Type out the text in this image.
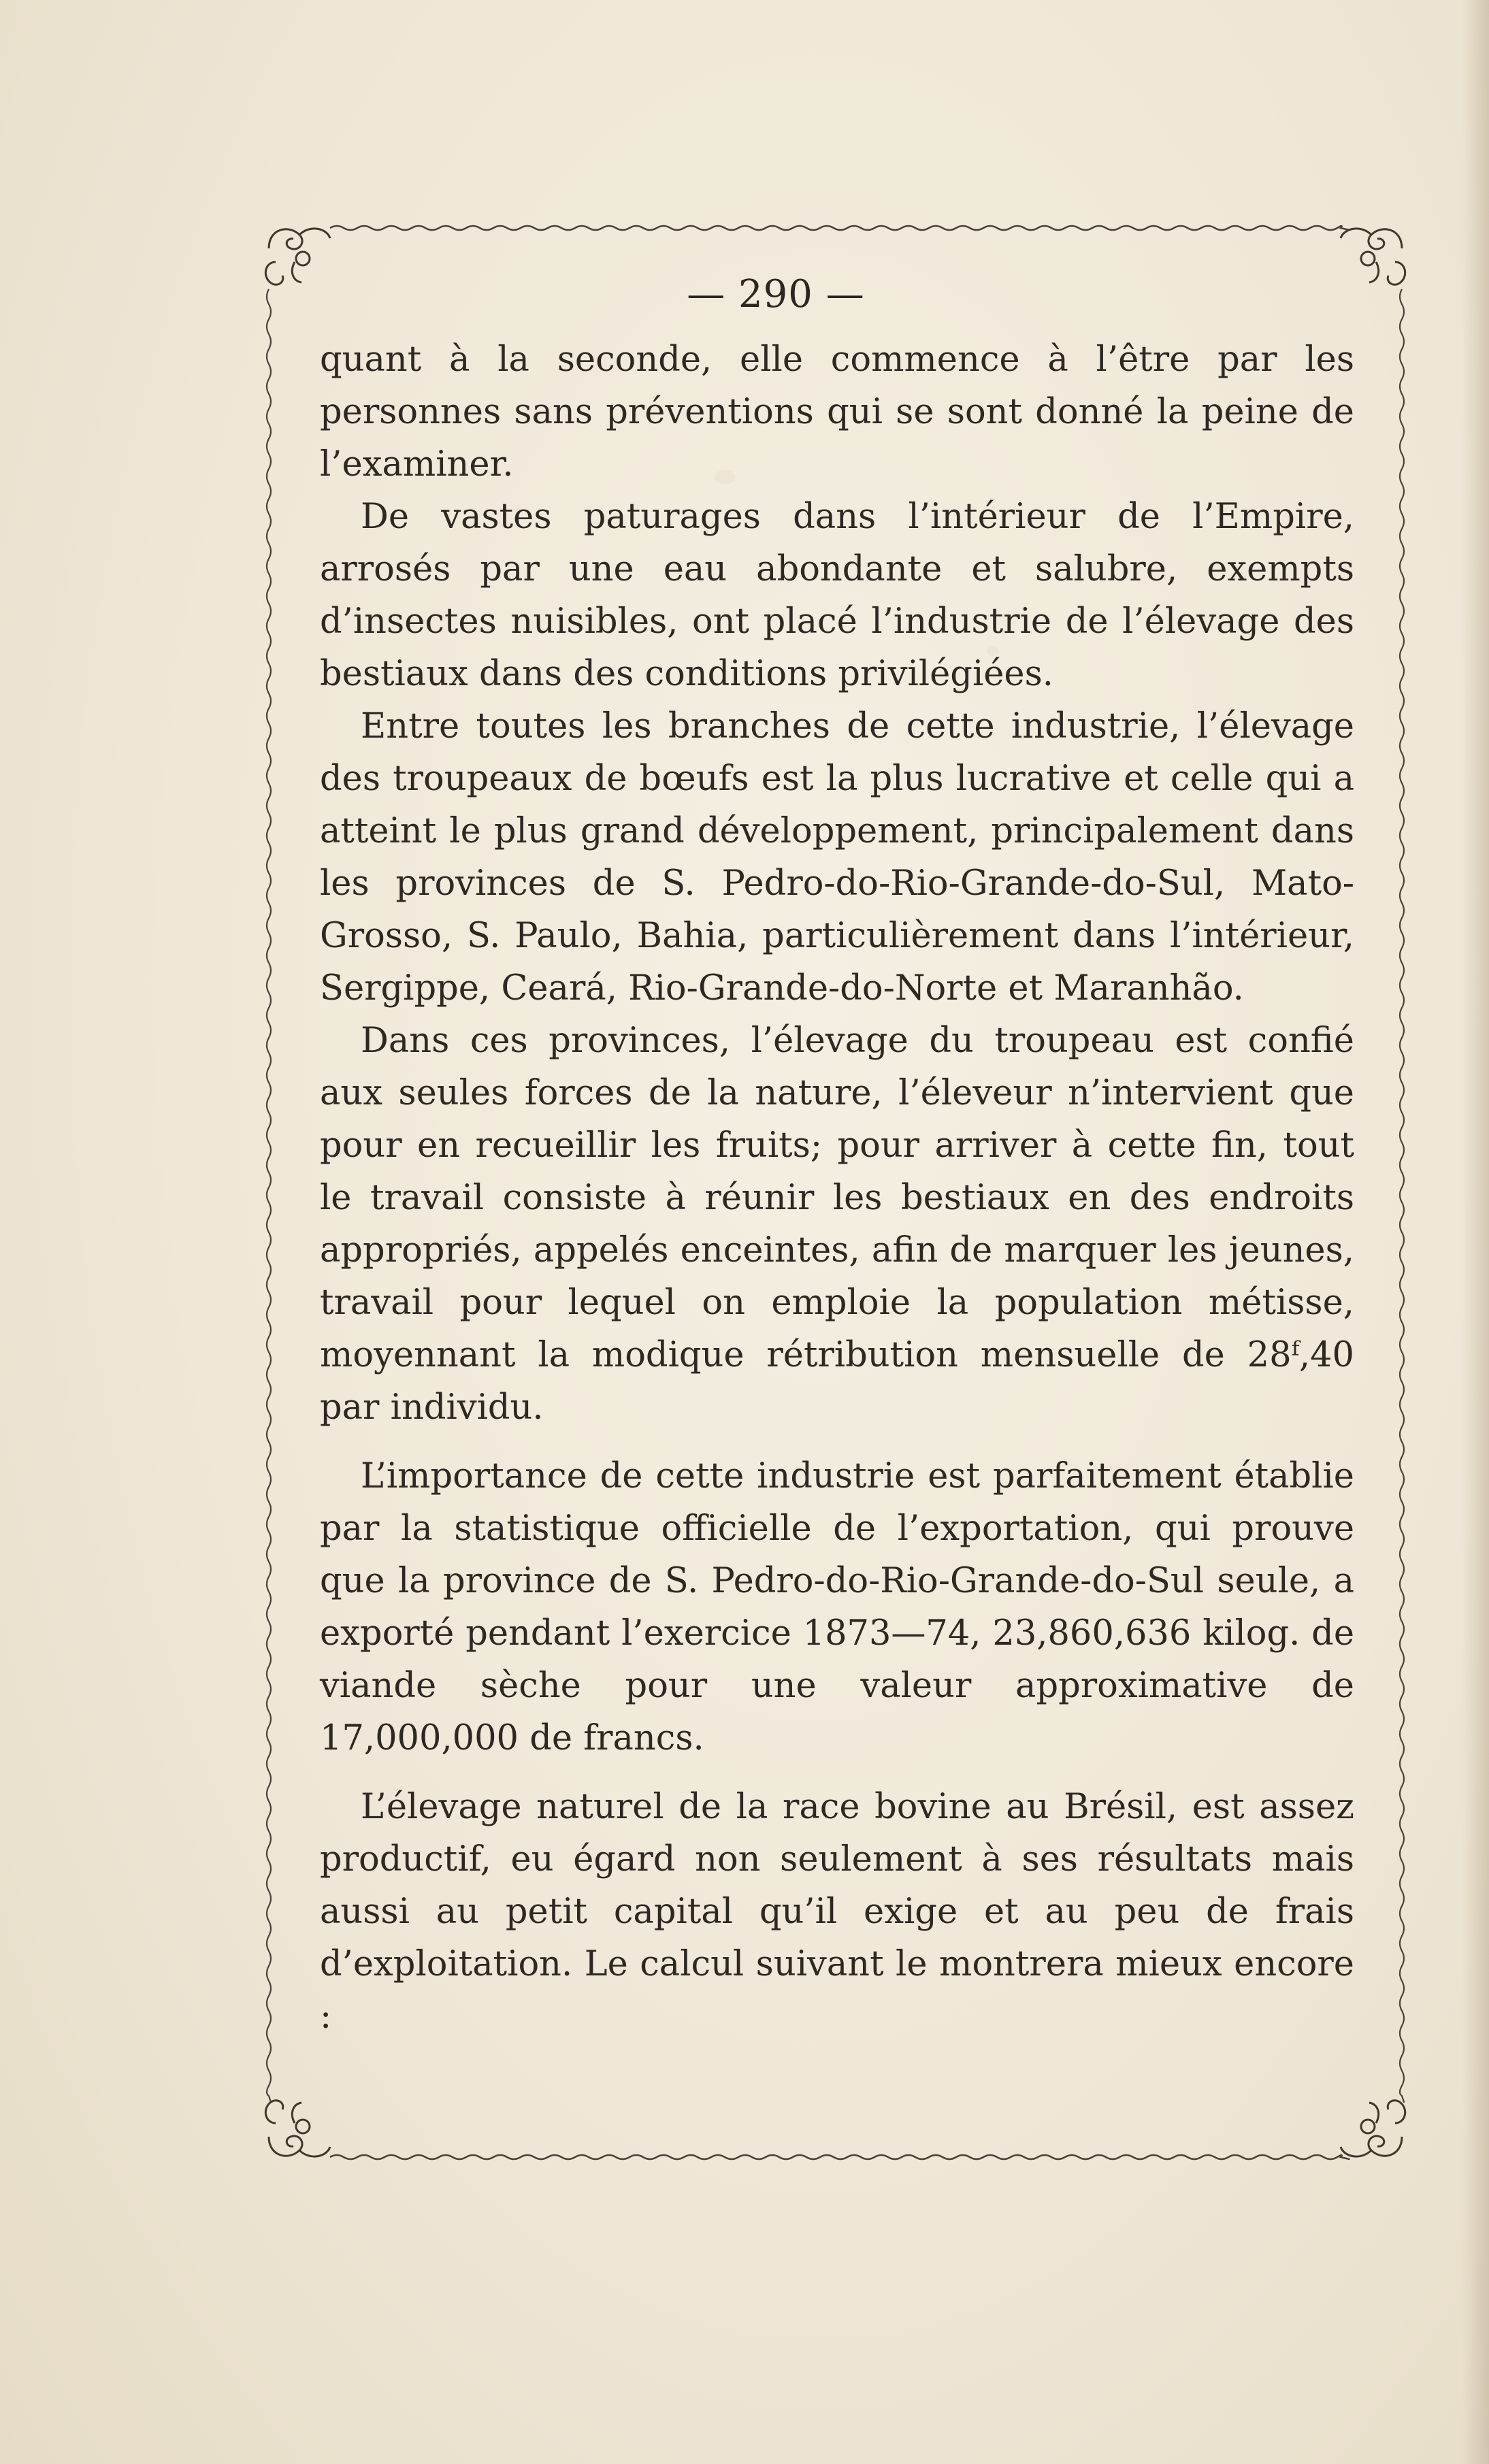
— 290 —

quant à la seconde, elle commence à l’être par les personnes sans préventions qui se sont donné la peine de l’examiner.

De vastes paturages dans l’intérieur de l’Empire, arrosés par une eau abondante et salubre, exempts d’insectes nuisibles, ont placé l’industrie de l’élevage des bestiaux dans des conditions privilégiées.

Entre toutes les branches de cette industrie, l’élevage des troupeaux de bœufs est la plus lucrative et celle qui a atteint le plus grand développement, principalement dans les provinces de S. Pedro-do-Rio-Grande-do-Sul, Mato-Grosso, S. Paulo, Bahia, particulièrement dans l’intérieur, Sergippe, Ceará, Rio-Grande-do-Norte et Maranhão.

Dans ces provinces, l’élevage du troupeau est confié aux seules forces de la nature, l’éleveur n’intervient que pour en recueillir les fruits; pour arriver à cette fin, tout le travail consiste à réunir les bestiaux en des endroits appropriés, appelés enceintes, afin de marquer les jeunes, travail pour lequel on emploie la population métisse, moyennant la modique rétribution mensuelle de 28ᶠ,40 par individu.

L’importance de cette industrie est parfaitement établie par la statistique officielle de l’exportation, qui prouve que la province de S. Pedro-do-Rio-Grande-do-Sul seule, a exporté pendant l’exercice 1873—74, 23,860,636 kilog. de viande sèche pour une valeur approximative de 17,000,000 de francs.

L’élevage naturel de la race bovine au Brésil, est assez productif, eu égard non seulement à ses résultats mais aussi au petit capital qu’il exige et au peu de frais d’exploitation. Le calcul suivant le montrera mieux encore :
